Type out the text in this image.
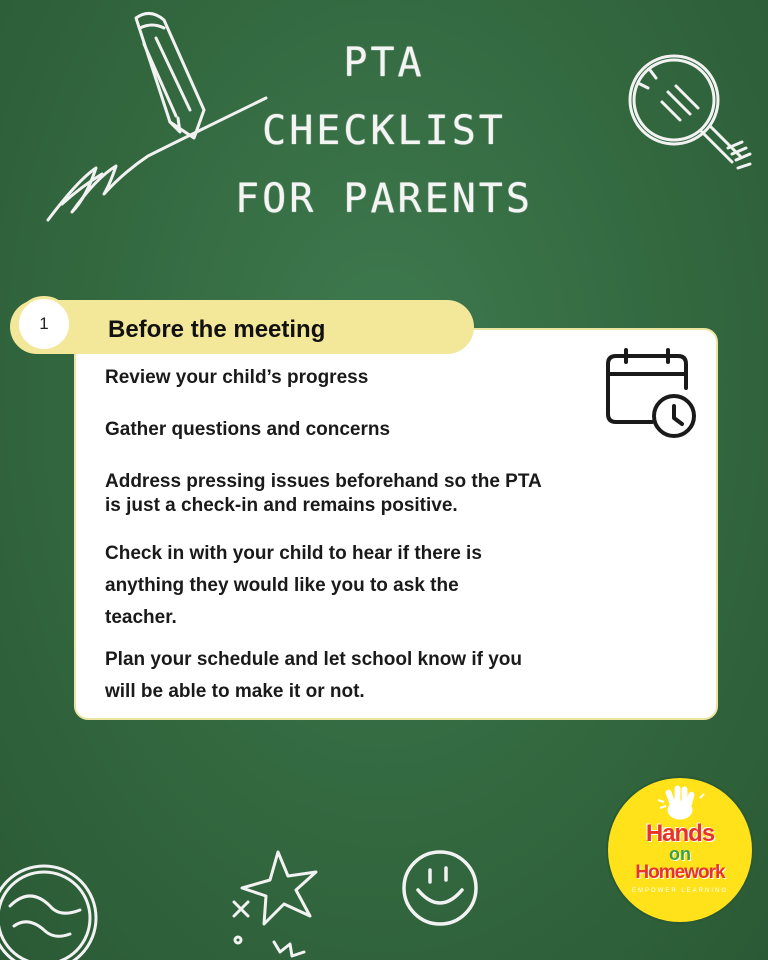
PTA
CHECKLIST
FOR PARENTS
1	Before the meeting
Review your child’s progress
Gather questions and concerns
Address pressing issues beforehand so the PTA
is just a check-in and remains positive.
Check in with your child to hear if there is
anything they would like you to ask the
teacher.
Plan your schedule and let school know if you
will be able to make it or not.
Hands
on
Homework
EMPOWER LEARNING
